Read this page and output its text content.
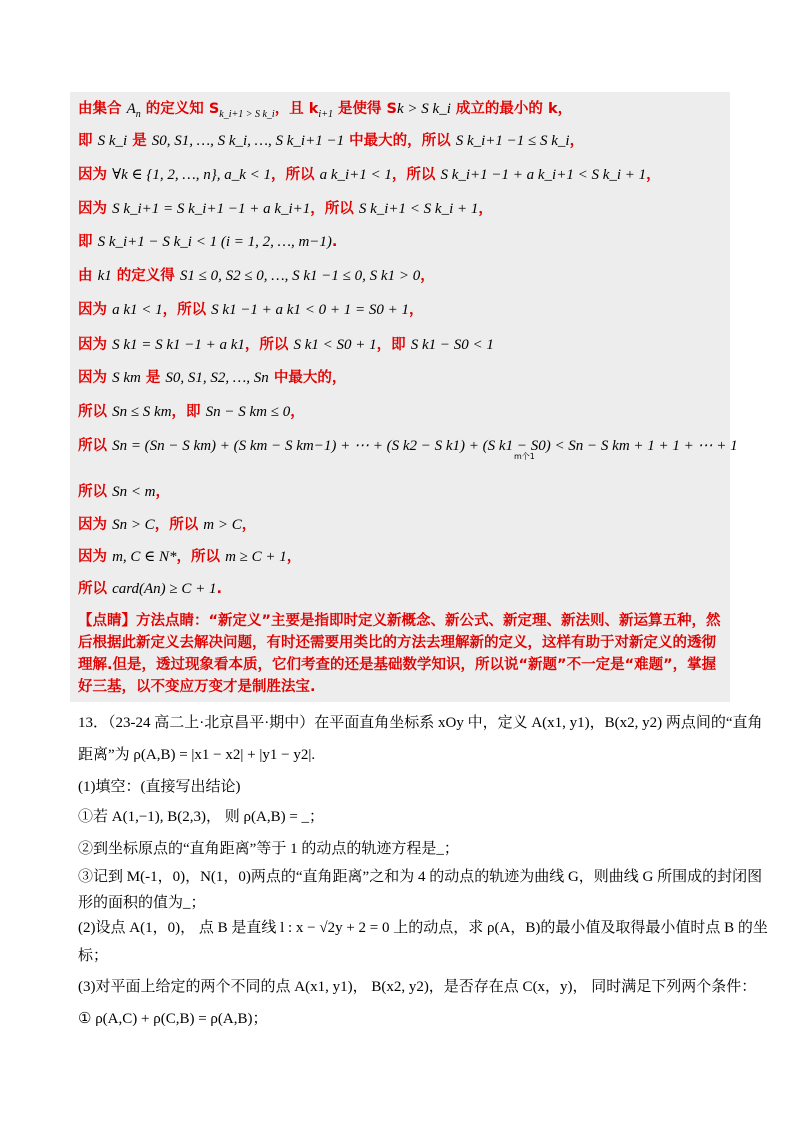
由集合 $A_n$ 的定义知 $S_{k\_i+1 > S k\_i}$，且 $k_{i+1}$ 是使得 Sk > S k_i 成立的最小的 k，
即 S k_i 是 S0, S1, …, S k_i, …, S k_i+1 −1 中最大的，所以 S k_i+1 −1 ≤ S k_i，
因为 ∀k ∈ {1, 2, …, n}, a_k < 1，所以 a k_i+1 < 1，所以 S k_i+1 −1 + a k_i+1 < S k_i + 1，
因为 S k_i+1 = S k_i+1 −1 + a k_i+1，所以 S k_i+1 < S k_i + 1，
即 S k_i+1 − S k_i < 1 (i = 1, 2, …, m−1).
由 k1 的定义得 S1 ≤ 0, S2 ≤ 0, …, S k1 −1 ≤ 0, S k1 > 0，
因为 a k1 < 1，所以 S k1 −1 + a k1 < 0 + 1 = S0 + 1，
因为 S k1 = S k1 −1 + a k1，所以 S k1 < S0 + 1，即 S k1 − S0 < 1
因为 S km 是 S0, S1, S2, …, Sn 中最大的，
所以 Sn ≤ S km，即 Sn − S km ≤ 0，
所以 Sn = (Sn − S km) + (S km − S km−1) + ⋯ + (S k2 − S k1) + (S k1 − S0) < Sn − S km + 1 + 1 + ⋯ + 1
m个1
所以 Sn < m，
因为 Sn > C，所以 m > C，
因为 m, C ∈ N*，所以 m ≥ C + 1，
所以 card(An) ≥ C + 1.
【点睛】方法点睛：“新定义”主要是指即时定义新概念、新公式、新定理、新法则、新运算五种，然后根据此新定义去解决问题，有时还需要用类比的方法去理解新的定义，这样有助于对新定义的透彻理解.但是，透过现象看本质，它们考查的还是基础数学知识，所以说“新题”不一定是“难题”，掌握好三基，以不变应万变才是制胜法宝.
13．（23-24 高二上·北京昌平·期中）在平面直角坐标系 xOy 中，定义 A(x1, y1)，B(x2, y2) 两点间的“直角
距离”为 ρ(A,B) = |x1 − x2| + |y1 − y2|.
(1)填空：(直接写出结论)
①若 A(1,−1), B(2,3)， 则 ρ(A,B) = _；
②到坐标原点的“直角距离”等于 1 的动点的轨迹方程是_；
③记到 M(-1，0)，N(1，0)两点的“直角距离”之和为 4 的动点的轨迹为曲线 G，则曲线 G 所围成的封闭图
形的面积的值为_；
(2)设点 A(1，0)， 点 B 是直线 l : x − √2y + 2 = 0 上的动点，求 ρ(A，B)的最小值及取得最小值时点 B 的坐
标；
(3)对平面上给定的两个不同的点 A(x1, y1)， B(x2, y2)，是否存在点 C(x，y)， 同时满足下列两个条件：
① ρ(A,C) + ρ(C,B) = ρ(A,B)；
